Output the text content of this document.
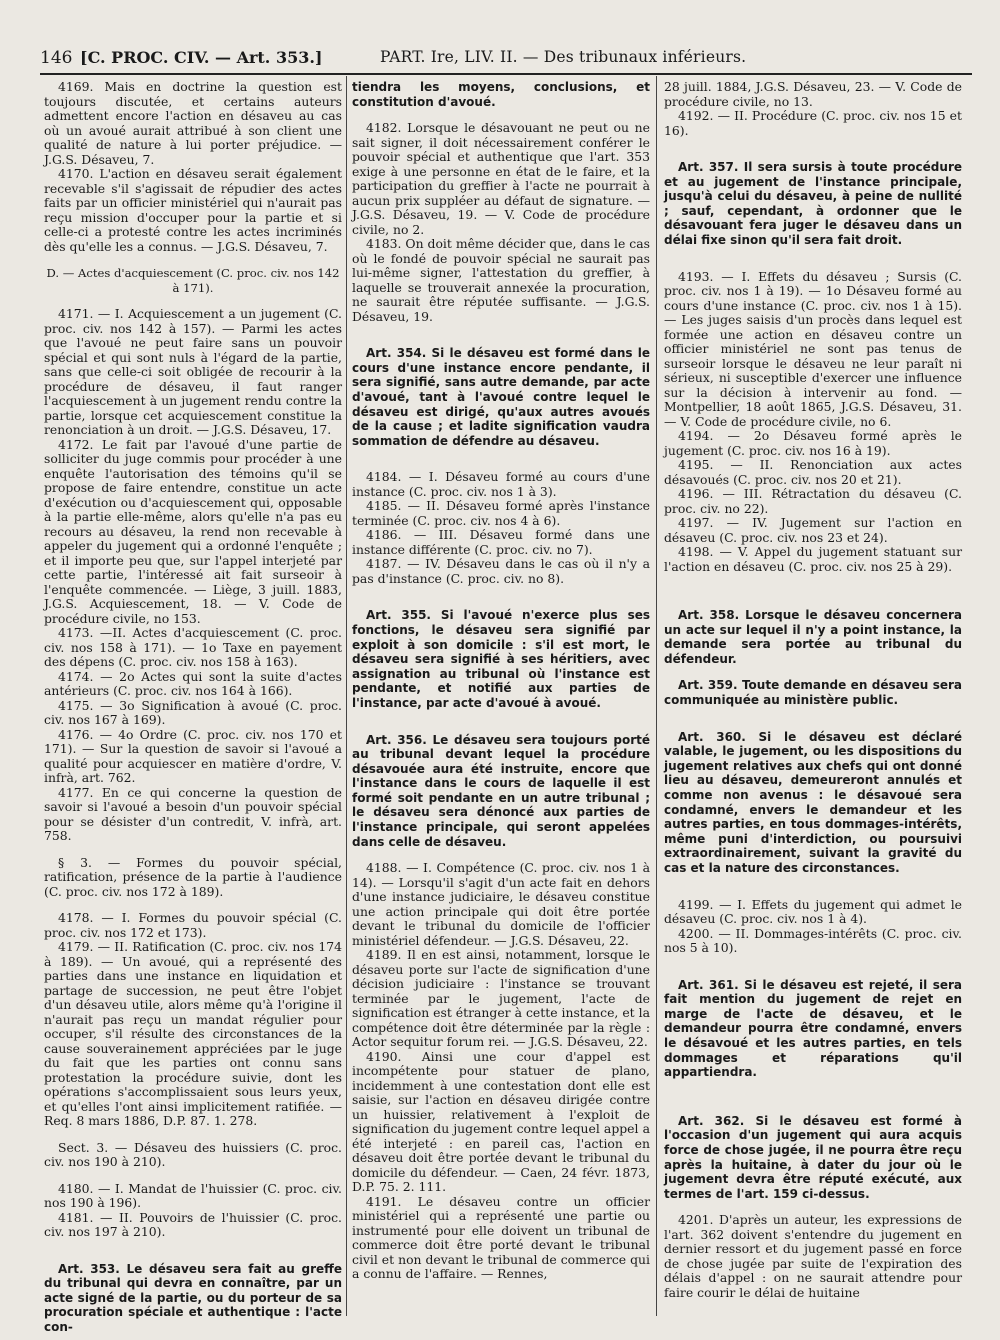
146 [C. PROC. CIV. — Art. 353.]	PART. Ire, LIV. II. — Des tribunaux inférieurs.

4169. Mais en doctrine la question est toujours discutée, et certains auteurs admettent encore l'action en désaveu au cas où un avoué aurait attribué à son client une qualité de nature à lui porter préjudice. — J.G.S. Désaveu, 7.

4170. L'action en désaveu serait également recevable s'il s'agissait de répudier des actes faits par un officier ministériel qui n'aurait pas reçu mission d'occuper pour la partie et si celle-ci a protesté contre les actes incriminés dès qu'elle les a connus. — J.G.S. Désaveu, 7.

D. — Actes d'acquiescement (C. proc. civ. nos 142 à 171).

4171. — I. Acquiescement a un jugement (C. proc. civ. nos 142 à 157). — Parmi les actes que l'avoué ne peut faire sans un pouvoir spécial et qui sont nuls à l'égard de la partie, sans que celle-ci soit obligée de recourir à la procédure de désaveu, il faut ranger l'acquiescement à un jugement rendu contre la partie, lorsque cet acquiescement constitue la renonciation à un droit. — J.G.S. Désaveu, 17.

4172. Le fait par l'avoué d'une partie de solliciter du juge commis pour procéder à une enquête l'autorisation des témoins qu'il se propose de faire entendre, constitue un acte d'exécution ou d'acquiescement qui, opposable à la partie elle-même, alors qu'elle n'a pas eu recours au désaveu, la rend non recevable à appeler du jugement qui a ordonné l'enquête ; et il importe peu que, sur l'appel interjeté par cette partie, l'intéressé ait fait surseoir à l'enquête commencée. — Liège, 3 juill. 1883, J.G.S. Acquiescement, 18. — V. Code de procédure civile, no 153.

4173. —II. Actes d'acquiescement (C. proc. civ. nos 158 à 171). — 1o Taxe en payement des dépens (C. proc. civ. nos 158 à 163).

4174. — 2o Actes qui sont la suite d'actes antérieurs (C. proc. civ. nos 164 à 166).

4175. — 3o Signification à avoué (C. proc. civ. nos 167 à 169).

4176. — 4o Ordre (C. proc. civ. nos 170 et 171). — Sur la question de savoir si l'avoué a qualité pour acquiescer en matière d'ordre, V. infrà, art. 762.

4177. En ce qui concerne la question de savoir si l'avoué a besoin d'un pouvoir spécial pour se désister d'un contredit, V. infrà, art. 758.

§ 3. — Formes du pouvoir spécial, ratification, présence de la partie à l'audience (C. proc. civ. nos 172 à 189).

4178. — I. Formes du pouvoir spécial (C. proc. civ. nos 172 et 173).

4179. — II. Ratification (C. proc. civ. nos 174 à 189). — Un avoué, qui a représenté des parties dans une instance en liquidation et partage de succession, ne peut être l'objet d'un désaveu utile, alors même qu'à l'origine il n'aurait pas reçu un mandat régulier pour occuper, s'il résulte des circonstances de la cause souverainement appréciées par le juge du fait que les parties ont connu sans protestation la procédure suivie, dont les opérations s'accomplissaient sous leurs yeux, et qu'elles l'ont ainsi implicitement ratifiée. — Req. 8 mars 1886, D.P. 87. 1. 278.

Sect. 3. — Désaveu des huissiers (C. proc. civ. nos 190 à 210).

4180. — I. Mandat de l'huissier (C. proc. civ. nos 190 à 196).

4181. — II. Pouvoirs de l'huissier (C. proc. civ. nos 197 à 210).

Art. 353. Le désaveu sera fait au greffe du tribunal qui devra en connaître, par un acte signé de la partie, ou du porteur de sa procuration spéciale et authentique : l'acte con-

tiendra les moyens, conclusions, et constitution d'avoué.

4182. Lorsque le désavouant ne peut ou ne sait signer, il doit nécessairement conférer le pouvoir spécial et authentique que l'art. 353 exige à une personne en état de le faire, et la participation du greffier à l'acte ne pourrait à aucun prix suppléer au défaut de signature. — J.G.S. Désaveu, 19. — V. Code de procédure civile, no 2.

4183. On doit même décider que, dans le cas où le fondé de pouvoir spécial ne saurait pas lui-même signer, l'attestation du greffier, à laquelle se trouverait annexée la procuration, ne saurait être réputée suffisante. — J.G.S. Désaveu, 19.

Art. 354. Si le désaveu est formé dans le cours d'une instance encore pendante, il sera signifié, sans autre demande, par acte d'avoué, tant à l'avoué contre lequel le désaveu est dirigé, qu'aux autres avoués de la cause ; et ladite signification vaudra sommation de défendre au désaveu.

4184. — I. Désaveu formé au cours d'une instance (C. proc. civ. nos 1 à 3).

4185. — II. Désaveu formé après l'instance terminée (C. proc. civ. nos 4 à 6).

4186. — III. Désaveu formé dans une instance différente (C. proc. civ. no 7).

4187. — IV. Désaveu dans le cas où il n'y a pas d'instance (C. proc. civ. no 8).

Art. 355. Si l'avoué n'exerce plus ses fonctions, le désaveu sera signifié par exploit à son domicile : s'il est mort, le désaveu sera signifié à ses héritiers, avec assignation au tribunal où l'instance est pendante, et notifié aux parties de l'instance, par acte d'avoué à avoué.

Art. 356. Le désaveu sera toujours porté au tribunal devant lequel la procédure désavouée aura été instruite, encore que l'instance dans le cours de laquelle il est formé soit pendante en un autre tribunal ; le désaveu sera dénoncé aux parties de l'instance principale, qui seront appelées dans celle de désaveu.

4188. — I. Compétence (C. proc. civ. nos 1 à 14). — Lorsqu'il s'agit d'un acte fait en dehors d'une instance judiciaire, le désaveu constitue une action principale qui doit être portée devant le tribunal du domicile de l'officier ministériel défendeur. — J.G.S. Désaveu, 22.

4189. Il en est ainsi, notamment, lorsque le désaveu porte sur l'acte de signification d'une décision judiciaire : l'instance se trouvant terminée par le jugement, l'acte de signification est étranger à cette instance, et la compétence doit être déterminée par la règle : Actor sequitur forum rei. — J.G.S. Désaveu, 22.

4190. Ainsi une cour d'appel est incompétente pour statuer de plano, incidemment à une contestation dont elle est saisie, sur l'action en désaveu dirigée contre un huissier, relativement à l'exploit de signification du jugement contre lequel appel a été interjeté : en pareil cas, l'action en désaveu doit être portée devant le tribunal du domicile du défendeur. — Caen, 24 févr. 1873, D.P. 75. 2. 111.

4191. Le désaveu contre un officier ministériel qui a représenté une partie ou instrumenté pour elle doivent un tribunal de commerce doit être porté devant le tribunal civil et non devant le tribunal de commerce qui a connu de l'affaire. — Rennes,

28 juill. 1884, J.G.S. Désaveu, 23. — V. Code de procédure civile, no 13.

4192. — II. Procédure (C. proc. civ. nos 15 et 16).

Art. 357. Il sera sursis à toute procédure et au jugement de l'instance principale, jusqu'à celui du désaveu, à peine de nullité ; sauf, cependant, à ordonner que le désavouant fera juger le désaveu dans un délai fixe sinon qu'il sera fait droit.

4193. — I. Effets du désaveu ; Sursis (C. proc. civ. nos 1 à 19). — 1o Désaveu formé au cours d'une instance (C. proc. civ. nos 1 à 15). — Les juges saisis d'un procès dans lequel est formée une action en désaveu contre un officier ministériel ne sont pas tenus de surseoir lorsque le désaveu ne leur paraît ni sérieux, ni susceptible d'exercer une influence sur la décision à intervenir au fond. — Montpellier, 18 août 1865, J.G.S. Désaveu, 31. — V. Code de procédure civile, no 6.

4194. — 2o Désaveu formé après le jugement (C. proc. civ. nos 16 à 19).

4195. — II. Renonciation aux actes désavoués (C. proc. civ. nos 20 et 21).

4196. — III. Rétractation du désaveu (C. proc. civ. no 22).

4197. — IV. Jugement sur l'action en désaveu (C. proc. civ. nos 23 et 24).

4198. — V. Appel du jugement statuant sur l'action en désaveu (C. proc. civ. nos 25 à 29).

Art. 358. Lorsque le désaveu concernera un acte sur lequel il n'y a point instance, la demande sera portée au tribunal du défendeur.

Art. 359. Toute demande en désaveu sera communiquée au ministère public.

Art. 360. Si le désaveu est déclaré valable, le jugement, ou les dispositions du jugement relatives aux chefs qui ont donné lieu au désaveu, demeureront annulés et comme non avenus : le désavoué sera condamné, envers le demandeur et les autres parties, en tous dommages-intérêts, même puni d'interdiction, ou poursuivi extraordinairement, suivant la gravité du cas et la nature des circonstances.

4199. — I. Effets du jugement qui admet le désaveu (C. proc. civ. nos 1 à 4).

4200. — II. Dommages-intérêts (C. proc. civ. nos 5 à 10).

Art. 361. Si le désaveu est rejeté, il sera fait mention du jugement de rejet en marge de l'acte de désaveu, et le demandeur pourra être condamné, envers le désavoué et les autres parties, en tels dommages et réparations qu'il appartiendra.

Art. 362. Si le désaveu est formé à l'occasion d'un jugement qui aura acquis force de chose jugée, il ne pourra être reçu après la huitaine, à dater du jour où le jugement devra être réputé exécuté, aux termes de l'art. 159 ci-dessus.

4201. D'après un auteur, les expressions de l'art. 362 doivent s'entendre du jugement en dernier ressort et du jugement passé en force de chose jugée par suite de l'expiration des délais d'appel : on ne saurait attendre pour faire courir le délai de huitaine
